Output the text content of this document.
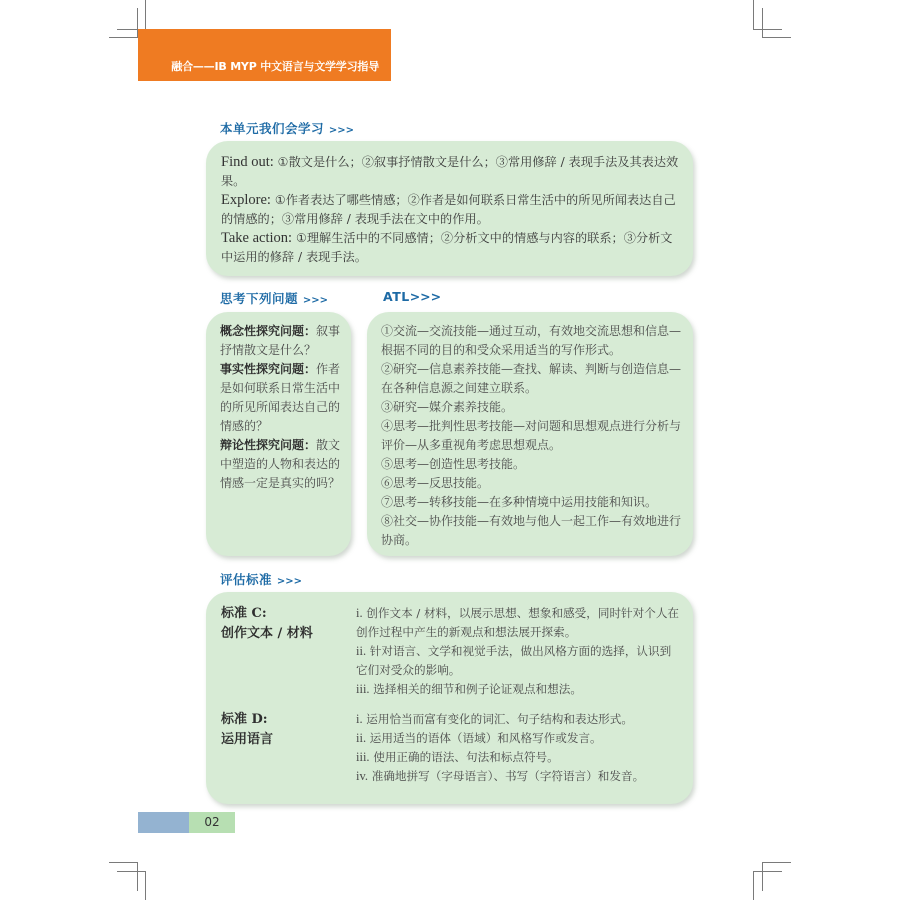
融合——IB MYP 中文语言与文学学习指导
本单元我们会学习 >>>
Find out: ①散文是什么；②叙事抒情散文是什么；③常用修辞 / 表现手法及其表达效果。
Explore: ①作者表达了哪些情感；②作者是如何联系日常生活中的所见所闻表达自己的情感的；③常用修辞 / 表现手法在文中的作用。
Take action: ①理解生活中的不同感情；②分析文中的情感与内容的联系；③分析文中运用的修辞 / 表现手法。
思考下列问题 >>>
概念性探究问题：叙事抒情散文是什么？
事实性探究问题：作者是如何联系日常生活中的所见所闻表达自己的情感的？
辩论性探究问题：散文中塑造的人物和表达的情感一定是真实的吗？
ATL>>>
①交流—交流技能—通过互动，有效地交流思想和信息—根据不同的目的和受众采用适当的写作形式。
②研究—信息素养技能—查找、解读、判断与创造信息—在各种信息源之间建立联系。
③研究—媒介素养技能。
④思考—批判性思考技能—对问题和思想观点进行分析与评价—从多重视角考虑思想观点。
⑤思考—创造性思考技能。
⑥思考—反思技能。
⑦思考—转移技能—在多种情境中运用技能和知识。
⑧社交—协作技能—有效地与他人一起工作—有效地进行协商。
评估标准 >>>
标准 C:
创作文本 / 材料
i. 创作文本 / 材料，以展示思想、想象和感受，同时针对个人在创作过程中产生的新观点和想法展开探索。
ii. 针对语言、文学和视觉手法，做出风格方面的选择，认识到它们对受众的影响。
iii. 选择相关的细节和例子论证观点和想法。
标准 D:
运用语言
i. 运用恰当而富有变化的词汇、句子结构和表达形式。
ii. 运用适当的语体（语域）和风格写作或发言。
iii. 使用正确的语法、句法和标点符号。
iv. 准确地拼写（字母语言）、书写（字符语言）和发音。
02
